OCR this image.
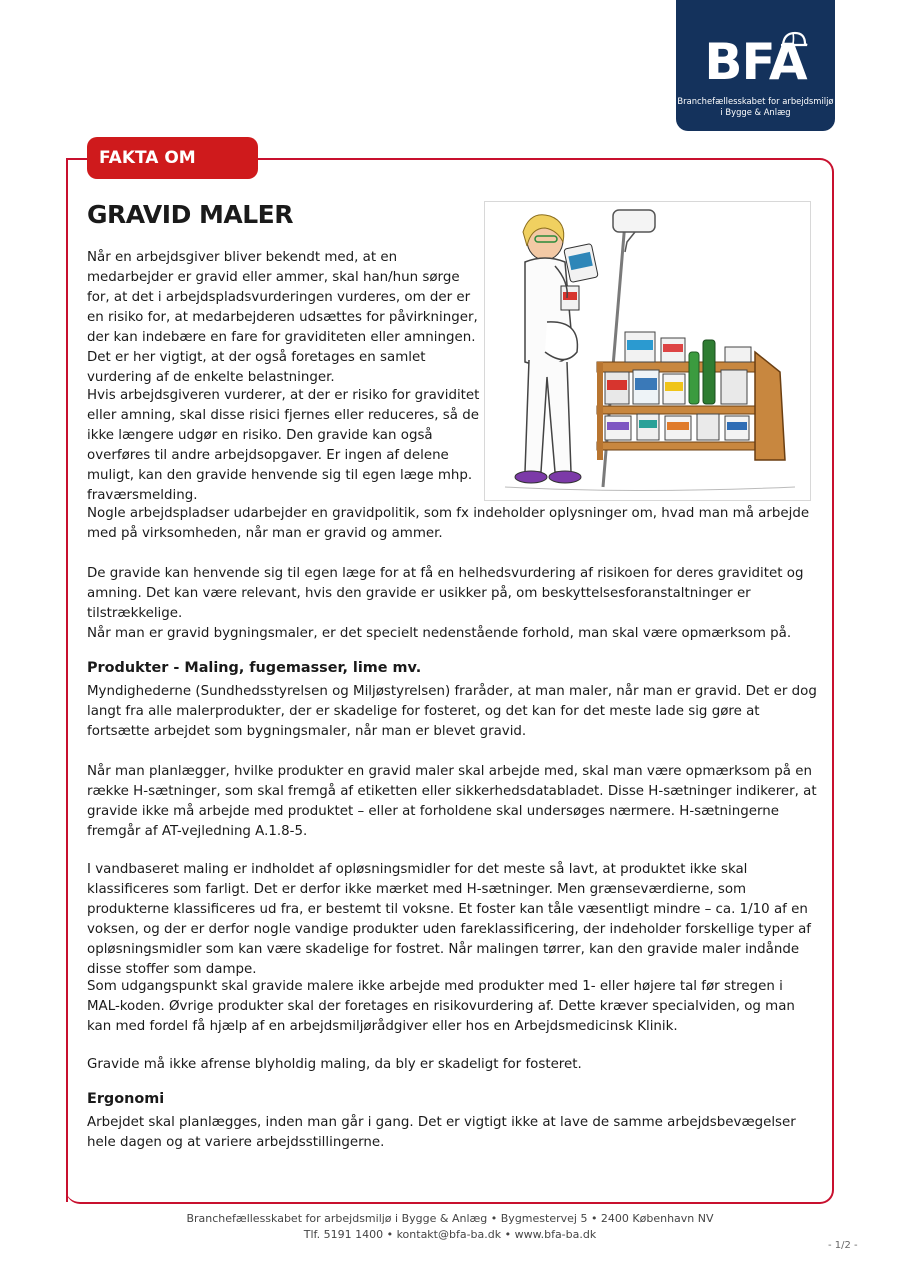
BFA
Branchefællesskabet for arbejdsmiljø
i Bygge & Anlæg
FAKTA OM
GRAVID MALER

Når en arbejdsgiver bliver bekendt med, at en medarbejder er gravid eller ammer, skal han/hun sørge for, at det i arbejdspladsvurderingen vurderes, om der er en risiko for, at medarbejderen udsættes for påvirkninger, der kan indebære en fare for graviditeten eller amningen. Det er her vigtigt, at der også foretages en samlet vurdering af de enkelte belastninger.

Hvis arbejdsgiveren vurderer, at der er risiko for graviditet eller amning, skal disse risici fjernes eller reduceres, så de ikke længere udgør en risiko. Den gravide kan også overføres til andre arbejdsopgaver. Er ingen af delene muligt, kan den gravide henvende sig til egen læge mhp. fraværsmelding.

Nogle arbejdspladser udarbejder en gravidpolitik, som fx indeholder oplysninger om, hvad man må arbejde med på virksomheden, når man er gravid og ammer.

De gravide kan henvende sig til egen læge for at få en helhedsvurdering af risikoen for deres graviditet og amning. Det kan være relevant, hvis den gravide er usikker på, om beskyttelsesforanstaltninger er tilstrækkelige.

Når man er gravid bygningsmaler, er det specielt nedenstående forhold, man skal være opmærksom på.

Produkter - Maling, fugemasser, lime mv.

Myndighederne (Sundhedsstyrelsen og Miljøstyrelsen) fraråder, at man maler, når man er gravid. Det er dog langt fra alle malerprodukter, der er skadelige for fosteret, og det kan for det meste lade sig gøre at fortsætte arbejdet som bygningsmaler, når man er blevet gravid.

Når man planlægger, hvilke produkter en gravid maler skal arbejde med, skal man være opmærksom på en række H-sætninger, som skal fremgå af etiketten eller sikkerhedsdatabladet. Disse H-sætninger indikerer, at gravide ikke må arbejde med produktet – eller at forholdene skal undersøges nærmere. H-sætningerne fremgår af AT-vejledning A.1.8-5.

I vandbaseret maling er indholdet af opløsningsmidler for det meste så lavt, at produktet ikke skal klassificeres som farligt. Det er derfor ikke mærket med H-sætninger. Men grænseværdierne, som produkterne klassificeres ud fra, er bestemt til voksne. Et foster kan tåle væsentligt mindre – ca. 1/10 af en voksen, og der er derfor nogle vandige produkter uden fareklassificering, der indeholder forskellige typer af opløsningsmidler som kan være skadelige for fostret. Når malingen tørrer, kan den gravide maler indånde disse stoffer som dampe.

Som udgangspunkt skal gravide malere ikke arbejde med produkter med 1- eller højere tal før stregen i MAL-koden. Øvrige produkter skal der foretages en risikovurdering af. Dette kræver specialviden, og man kan med fordel få hjælp af en arbejdsmiljørådgiver eller hos en Arbejdsmedicinsk Klinik.

Gravide må ikke afrense blyholdig maling, da bly er skadeligt for fosteret.

Ergonomi

Arbejdet skal planlægges, inden man går i gang. Det er vigtigt ikke at lave de samme arbejdsbevægelser hele dagen og at variere arbejdsstillingerne.

Branchefællesskabet for arbejdsmiljø i Bygge & Anlæg • Bygmestervej 5 • 2400 København NV
Tlf. 5191 1400 • kontakt@bfa-ba.dk • www.bfa-ba.dk
- 1/2 -
